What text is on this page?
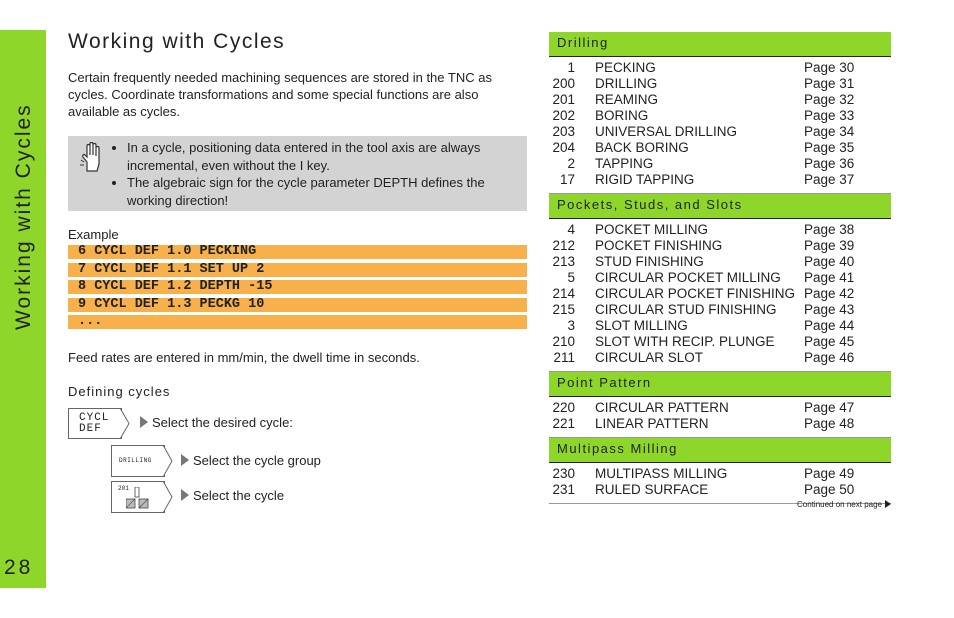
Working with Cycles
28
Working with Cycles
Certain frequently needed machining sequences are stored in the TNC as cycles. Coordinate transformations and some special functions are also available as cycles.
• In a cycle, positioning data entered in the tool axis are always incremental, even without the I key.
• The algebraic sign for the cycle parameter DEPTH defines the working direction!
Example
6 CYCL DEF 1.0 PECKING
7 CYCL DEF 1.1 SET UP 2
8 CYCL DEF 1.2 DEPTH -15
9 CYCL DEF 1.3 PECKG 10
...
Feed rates are entered in mm/min, the dwell time in seconds.
Defining cycles
CYCL
DEF	Select the desired cycle:
DRILLING	Select the cycle group
201	Select the cycle
Drilling
1 PECKING	Page 30
200 DRILLING	Page 31
201 REAMING	Page 32
202 BORING	Page 33
203 UNIVERSAL DRILLING	Page 34
204 BACK BORING	Page 35
2 TAPPING	Page 36
17 RIGID TAPPING	Page 37
Pockets, Studs, and Slots
4 POCKET MILLING	Page 38
212 POCKET FINISHING	Page 39
213 STUD FINISHING	Page 40
5 CIRCULAR POCKET MILLING Page 41
214 CIRCULAR POCKET FINISHING Page 42
215 CIRCULAR STUD FINISHING Page 43
3 SLOT MILLING	Page 44
210 SLOT WITH RECIP. PLUNGE Page 45
211 CIRCULAR SLOT	Page 46
Point Pattern
220 CIRCULAR PATTERN	Page 47
221 LINEAR PATTERN	Page 48
Multipass Milling
230 MULTIPASS MILLING	Page 49
231 RULED SURFACE	Page 50
Continued on next page
